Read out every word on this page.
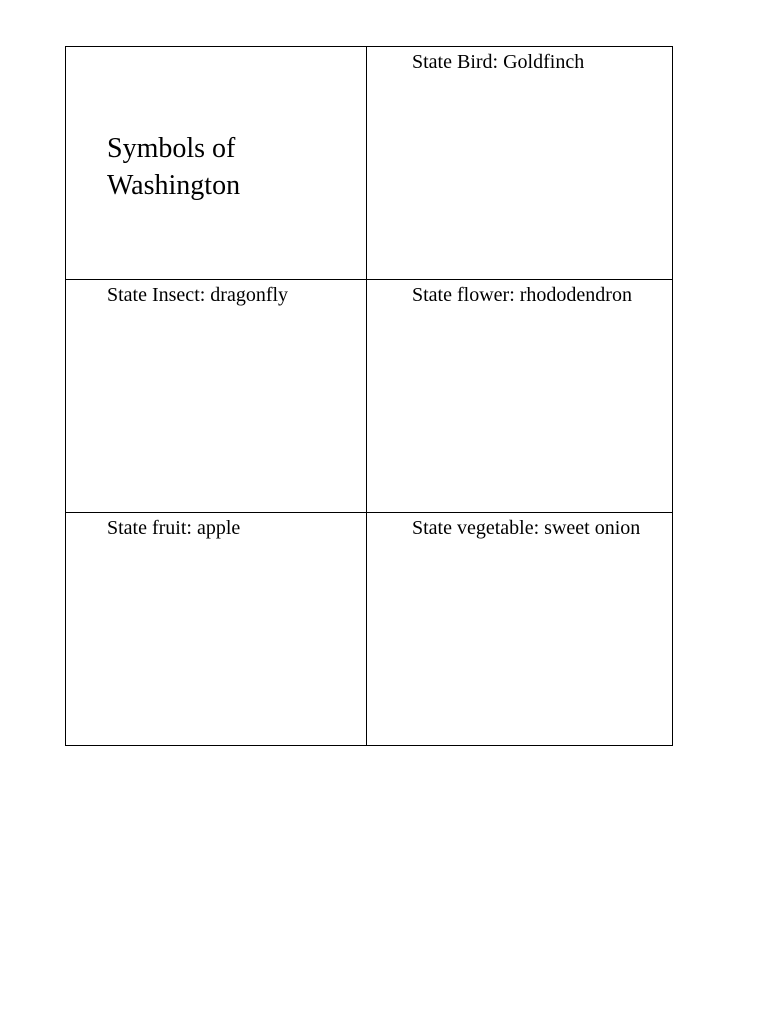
Symbols of Washington	State Bird: Goldfinch

State Insect: dragonfly	State flower: rhododendron

State fruit: apple	State vegetable: sweet onion
